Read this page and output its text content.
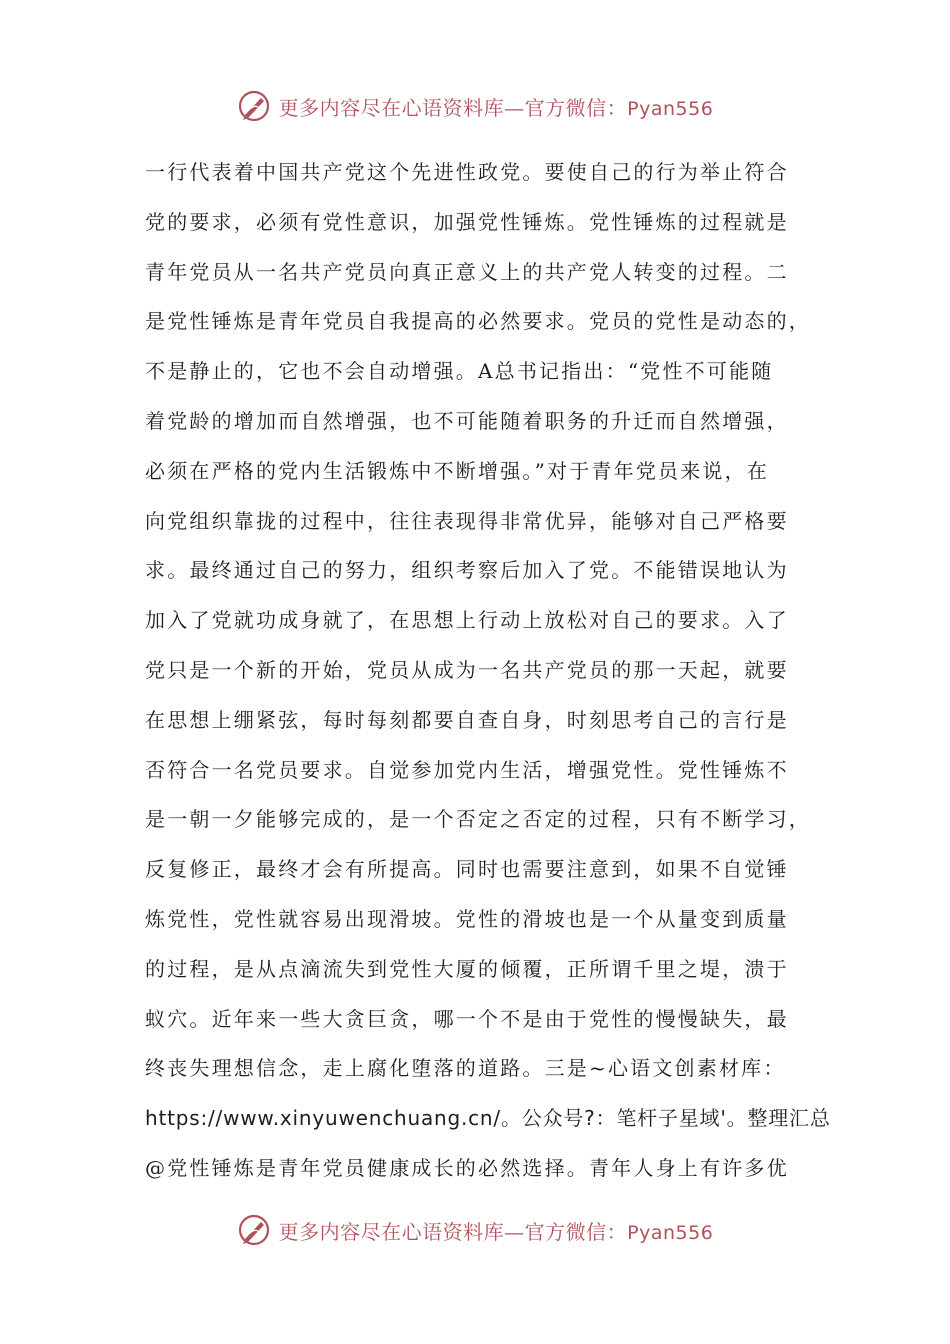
更多内容尽在心语资料库—官方微信：Pyan556
一行代表着中国共产党这个先进性政党。要使自己的行为举止符合
党的要求，必须有党性意识，加强党性锤炼。党性锤炼的过程就是
青年党员从一名共产党员向真正意义上的共产党人转变的过程。二
是党性锤炼是青年党员自我提高的必然要求。党员的党性是动态的，
不是静止的，它也不会自动增强。A总书记指出：“党性不可能随
着党龄的增加而自然增强，也不可能随着职务的升迁而自然增强，
必须在严格的党内生活锻炼中不断增强。”对于青年党员来说，在
向党组织靠拢的过程中，往往表现得非常优异，能够对自己严格要
求。最终通过自己的努力，组织考察后加入了党。不能错误地认为
加入了党就功成身就了，在思想上行动上放松对自己的要求。入了
党只是一个新的开始，党员从成为一名共产党员的那一天起，就要
在思想上绷紧弦，每时每刻都要自查自身，时刻思考自己的言行是
否符合一名党员要求。自觉参加党内生活，增强党性。党性锤炼不
是一朝一夕能够完成的，是一个否定之否定的过程，只有不断学习，
反复修正，最终才会有所提高。同时也需要注意到，如果不自觉锤
炼党性，党性就容易出现滑坡。党性的滑坡也是一个从量变到质量
的过程，是从点滴流失到党性大厦的倾覆，正所谓千里之堤，溃于
蚁穴。近年来一些大贪巨贪，哪一个不是由于党性的慢慢缺失，最
终丧失理想信念，走上腐化堕落的道路。三是~心语文创素材库：
https://www.xinyuwenchuang.cn/。公众号?：笔杆子星域'。整理汇总
@党性锤炼是青年党员健康成长的必然选择。青年人身上有许多优
更多内容尽在心语资料库—官方微信：Pyan556
